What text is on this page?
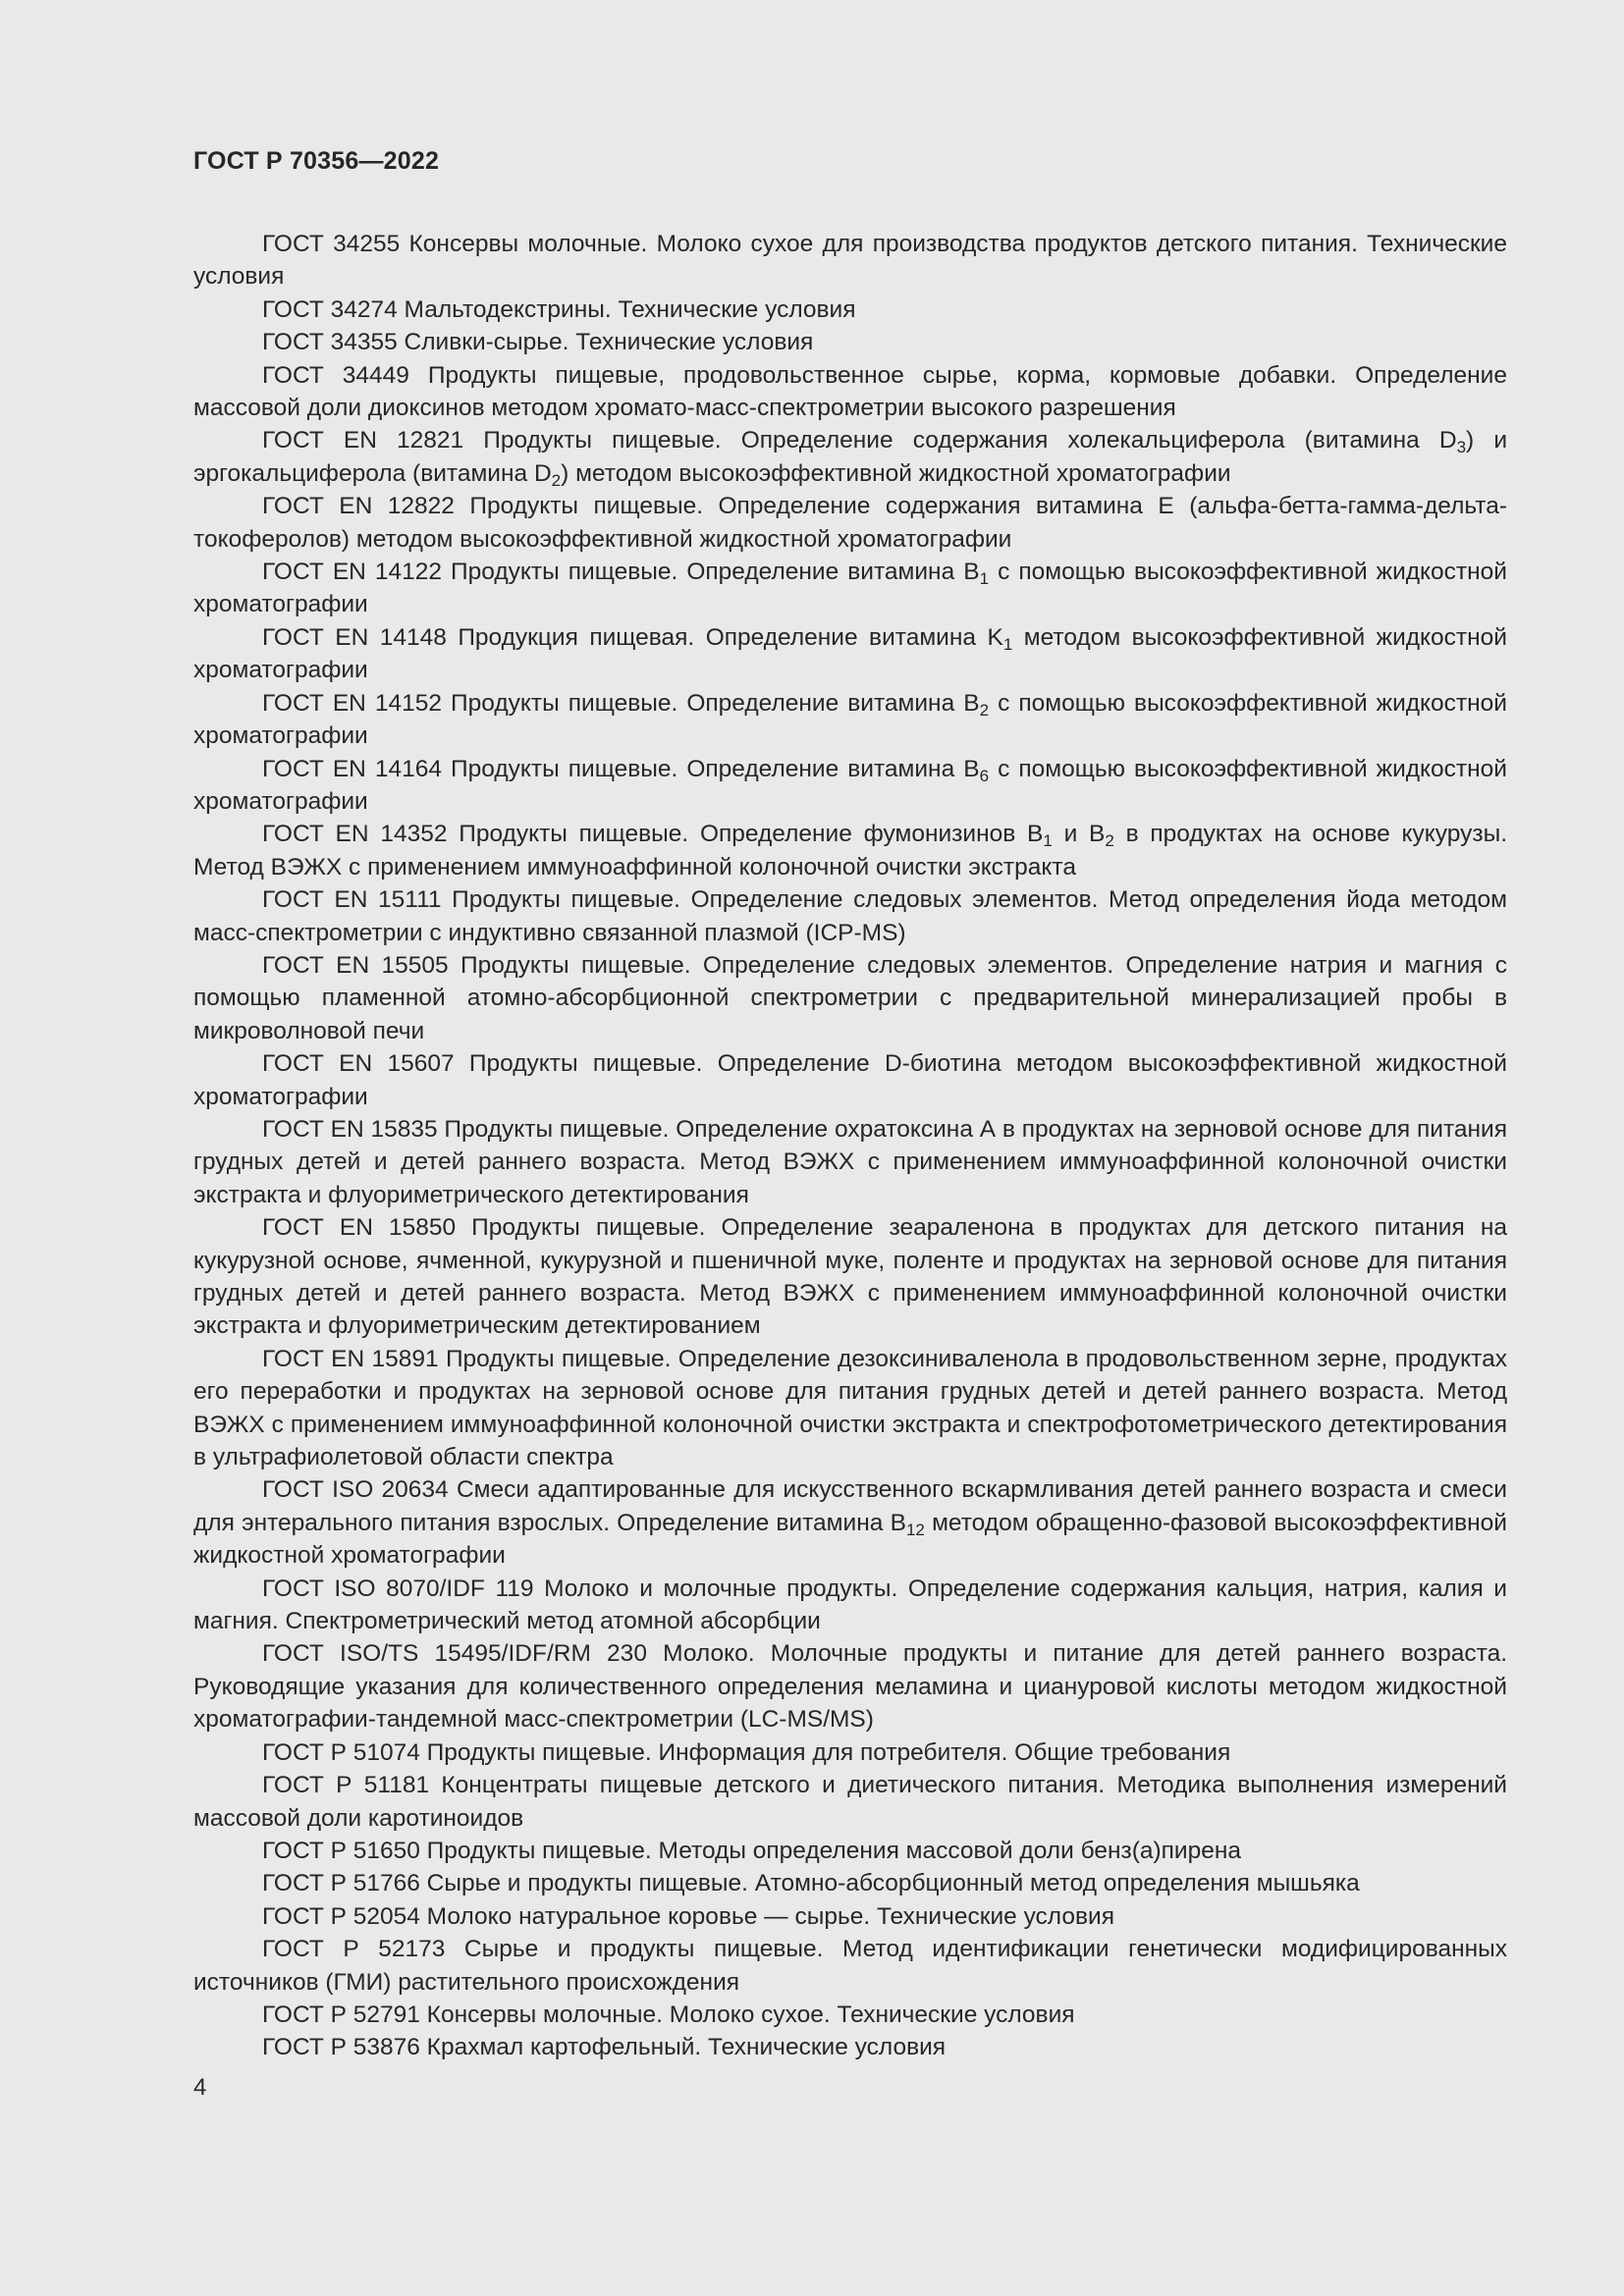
ГОСТ Р 70356—2022

ГОСТ 34255 Консервы молочные. Молоко сухое для производства продуктов детского питания. Технические условия

ГОСТ 34274 Мальтодекстрины. Технические условия

ГОСТ 34355 Сливки-сырье. Технические условия

ГОСТ 34449 Продукты пищевые, продовольственное сырье, корма, кормовые добавки. Определение массовой доли диоксинов методом хромато-масс-спектрометрии высокого разрешения

ГОСТ EN 12821 Продукты пищевые. Определение содержания холекальциферола (витамина $D_3$) и эргокальциферола (витамина $D_2$) методом высокоэффективной жидкостной хроматографии

ГОСТ EN 12822 Продукты пищевые. Определение содержания витамина Е (альфа-бетта-гамма-дельта-токоферолов) методом высокоэффективной жидкостной хроматографии

ГОСТ EN 14122 Продукты пищевые. Определение витамина $В_1$ с помощью высокоэффективной жидкостной хроматографии

ГОСТ EN 14148 Продукция пищевая. Определение витамина $K_1$ методом высокоэффективной жидкостной хроматографии

ГОСТ EN 14152 Продукты пищевые. Определение витамина $B_2$ с помощью высокоэффективной жидкостной хроматографии

ГОСТ EN 14164 Продукты пищевые. Определение витамина $B_6$ с помощью высокоэффективной жидкостной хроматографии

ГОСТ EN 14352 Продукты пищевые. Определение фумонизинов $B_1$ и $B_2$ в продуктах на основе кукурузы. Метод ВЭЖХ с применением иммуноаффинной колоночной очистки экстракта

ГОСТ EN 15111 Продукты пищевые. Определение следовых элементов. Метод определения йода методом масс-спектрометрии с индуктивно связанной плазмой (ICP-MS)

ГОСТ EN 15505 Продукты пищевые. Определение следовых элементов. Определение натрия и магния с помощью пламенной атомно-абсорбционной спектрометрии с предварительной минерализацией пробы в микроволновой печи

ГОСТ EN 15607 Продукты пищевые. Определение D-биотина методом высокоэффективной жидкостной хроматографии

ГОСТ EN 15835 Продукты пищевые. Определение охратоксина А в продуктах на зерновой основе для питания грудных детей и детей раннего возраста. Метод ВЭЖХ с применением иммуноаффинной колоночной очистки экстракта и флуориметрического детектирования

ГОСТ EN 15850 Продукты пищевые. Определение зеараленона в продуктах для детского питания на кукурузной основе, ячменной, кукурузной и пшеничной муке, поленте и продуктах на зерновой основе для питания грудных детей и детей раннего возраста. Метод ВЭЖХ с применением иммуноаффинной колоночной очистки экстракта и флуориметрическим детектированием

ГОСТ EN 15891 Продукты пищевые. Определение дезоксиниваленола в продовольственном зерне, продуктах его переработки и продуктах на зерновой основе для питания грудных детей и детей раннего возраста. Метод ВЭЖХ с применением иммуноаффинной колоночной очистки экстракта и спектрофотометрического детектирования в ультрафиолетовой области спектра

ГОСТ ISO 20634 Смеси адаптированные для искусственного вскармливания детей раннего возраста и смеси для энтерального питания взрослых. Определение витамина $B_{12}$ методом обращенно-фазовой высокоэффективной жидкостной хроматографии

ГОСТ ISO 8070/IDF 119 Молоко и молочные продукты. Определение содержания кальция, натрия, калия и магния. Спектрометрический метод атомной абсорбции

ГОСТ ISO/TS 15495/IDF/RM 230 Молоко. Молочные продукты и питание для детей раннего возраста. Руководящие указания для количественного определения меламина и циануровой кислоты методом жидкостной хроматографии-тандемной масс-спектрометрии (LC-MS/MS)

ГОСТ Р 51074 Продукты пищевые. Информация для потребителя. Общие требования

ГОСТ Р 51181 Концентраты пищевые детского и диетического питания. Методика выполнения измерений массовой доли каротиноидов

ГОСТ Р 51650 Продукты пищевые. Методы определения массовой доли бенз(а)пирена

ГОСТ Р 51766 Сырье и продукты пищевые. Атомно-абсорбционный метод определения мышьяка

ГОСТ Р 52054 Молоко натуральное коровье — сырье. Технические условия

ГОСТ Р 52173 Сырье и продукты пищевые. Метод идентификации генетически модифицированных источников (ГМИ) растительного происхождения

ГОСТ Р 52791 Консервы молочные. Молоко сухое. Технические условия

ГОСТ Р 53876 Крахмал картофельный. Технические условия

4
